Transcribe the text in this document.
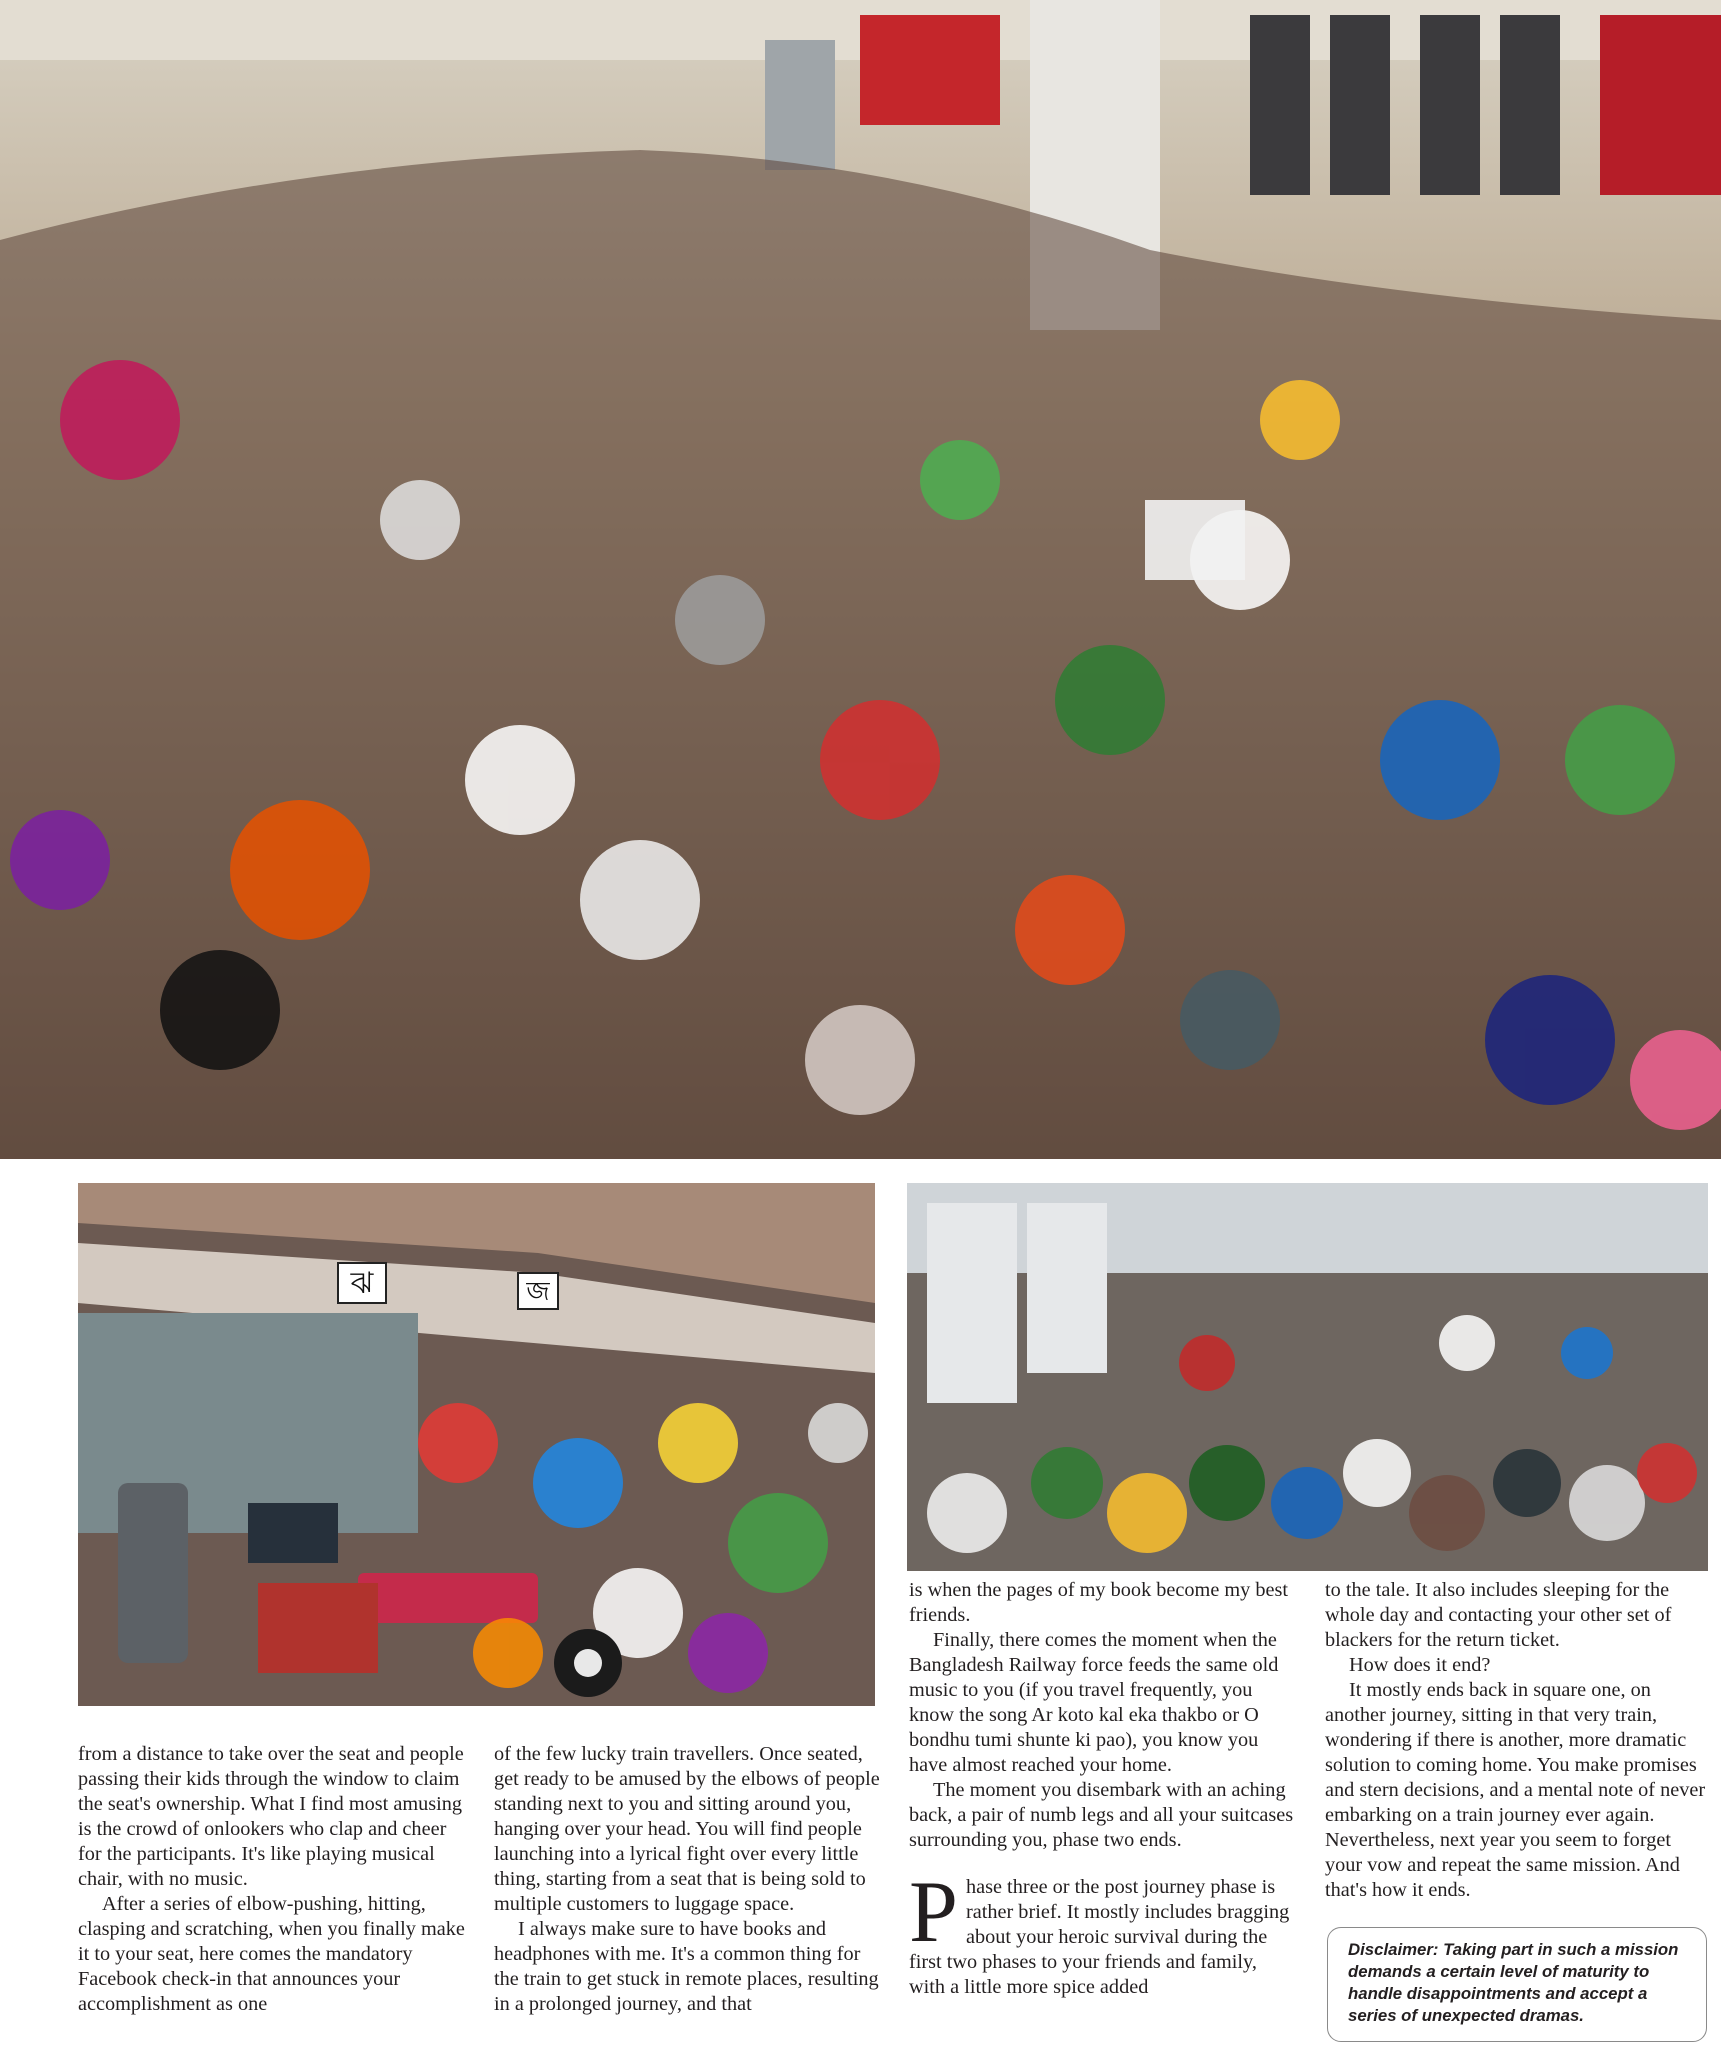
ঝ	জ

from a distance to take over the seat and people passing their kids through the window to claim the seat's ownership. What I find most amusing is the crowd of onlookers who clap and cheer for the participants. It's like playing musical chair, with no music.

After a series of elbow-pushing, hitting, clasping and scratching, when you finally make it to your seat, here comes the mandatory Facebook check-in that announces your accomplishment as one

of the few lucky train travellers. Once seated, get ready to be amused by the elbows of people standing next to you and sitting around you, hanging over your head. You will find people launching into a lyrical fight over every little thing, starting from a seat that is being sold to multiple customers to luggage space.

I always make sure to have books and headphones with me. It's a common thing for the train to get stuck in remote places, resulting in a prolonged journey, and that

is when the pages of my book become my best friends.

Finally, there comes the moment when the Bangladesh Railway force feeds the same old music to you (if you travel frequently, you know the song Ar koto kal eka thakbo or O bondhu tumi shunte ki pao), you know you have almost reached your home.

The moment you disembark with an aching back, a pair of numb legs and all your suitcases surrounding you, phase two ends.

Phase three or the post journey phase is rather brief. It mostly includes bragging about your heroic survival during the first two phases to your friends and family, with a little more spice added

to the tale. It also includes sleeping for the whole day and contacting your other set of blackers for the return ticket.

How does it end?

It mostly ends back in square one, on another journey, sitting in that very train, wondering if there is another, more dramatic solution to coming home. You make promises and stern decisions, and a mental note of never embarking on a train journey ever again. Nevertheless, next year you seem to forget your vow and repeat the same mission. And that's how it ends.

Disclaimer: Taking part in such a mission demands a certain level of maturity to handle disappointments and accept a series of unexpected dramas.
